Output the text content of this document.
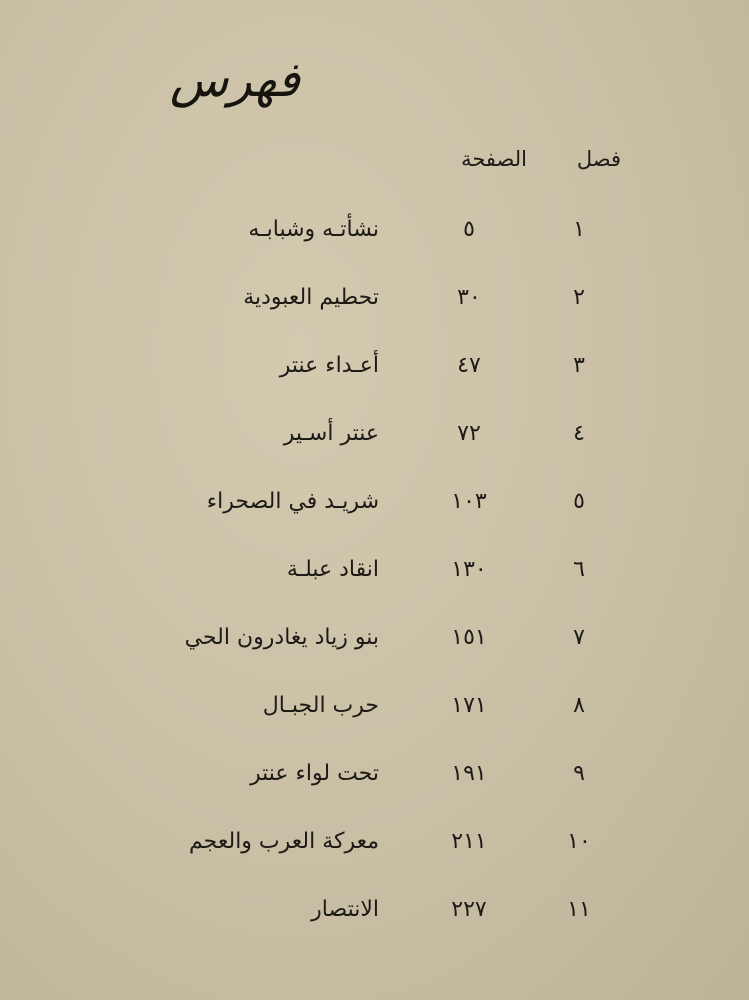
فهرس
فصل
الصفحة
١
٥
نشأتـه وشبابـه
٢
٣٠
تحطيم العبودية
٣
٤٧
أعـداء عنتر
٤
٧٢
عنتر أسـير
٥
١٠٣
شريـد في الصحراء
٦
١٣٠
انقاد عبلـة
٧
١٥١
بنو زياد يغادرون الحي
٨
١٧١
حرب الجبـال
٩
١٩١
تحت لواء عنتر
١٠
٢١١
معركة العرب والعجم
١١
٢٢٧
الانتصار
